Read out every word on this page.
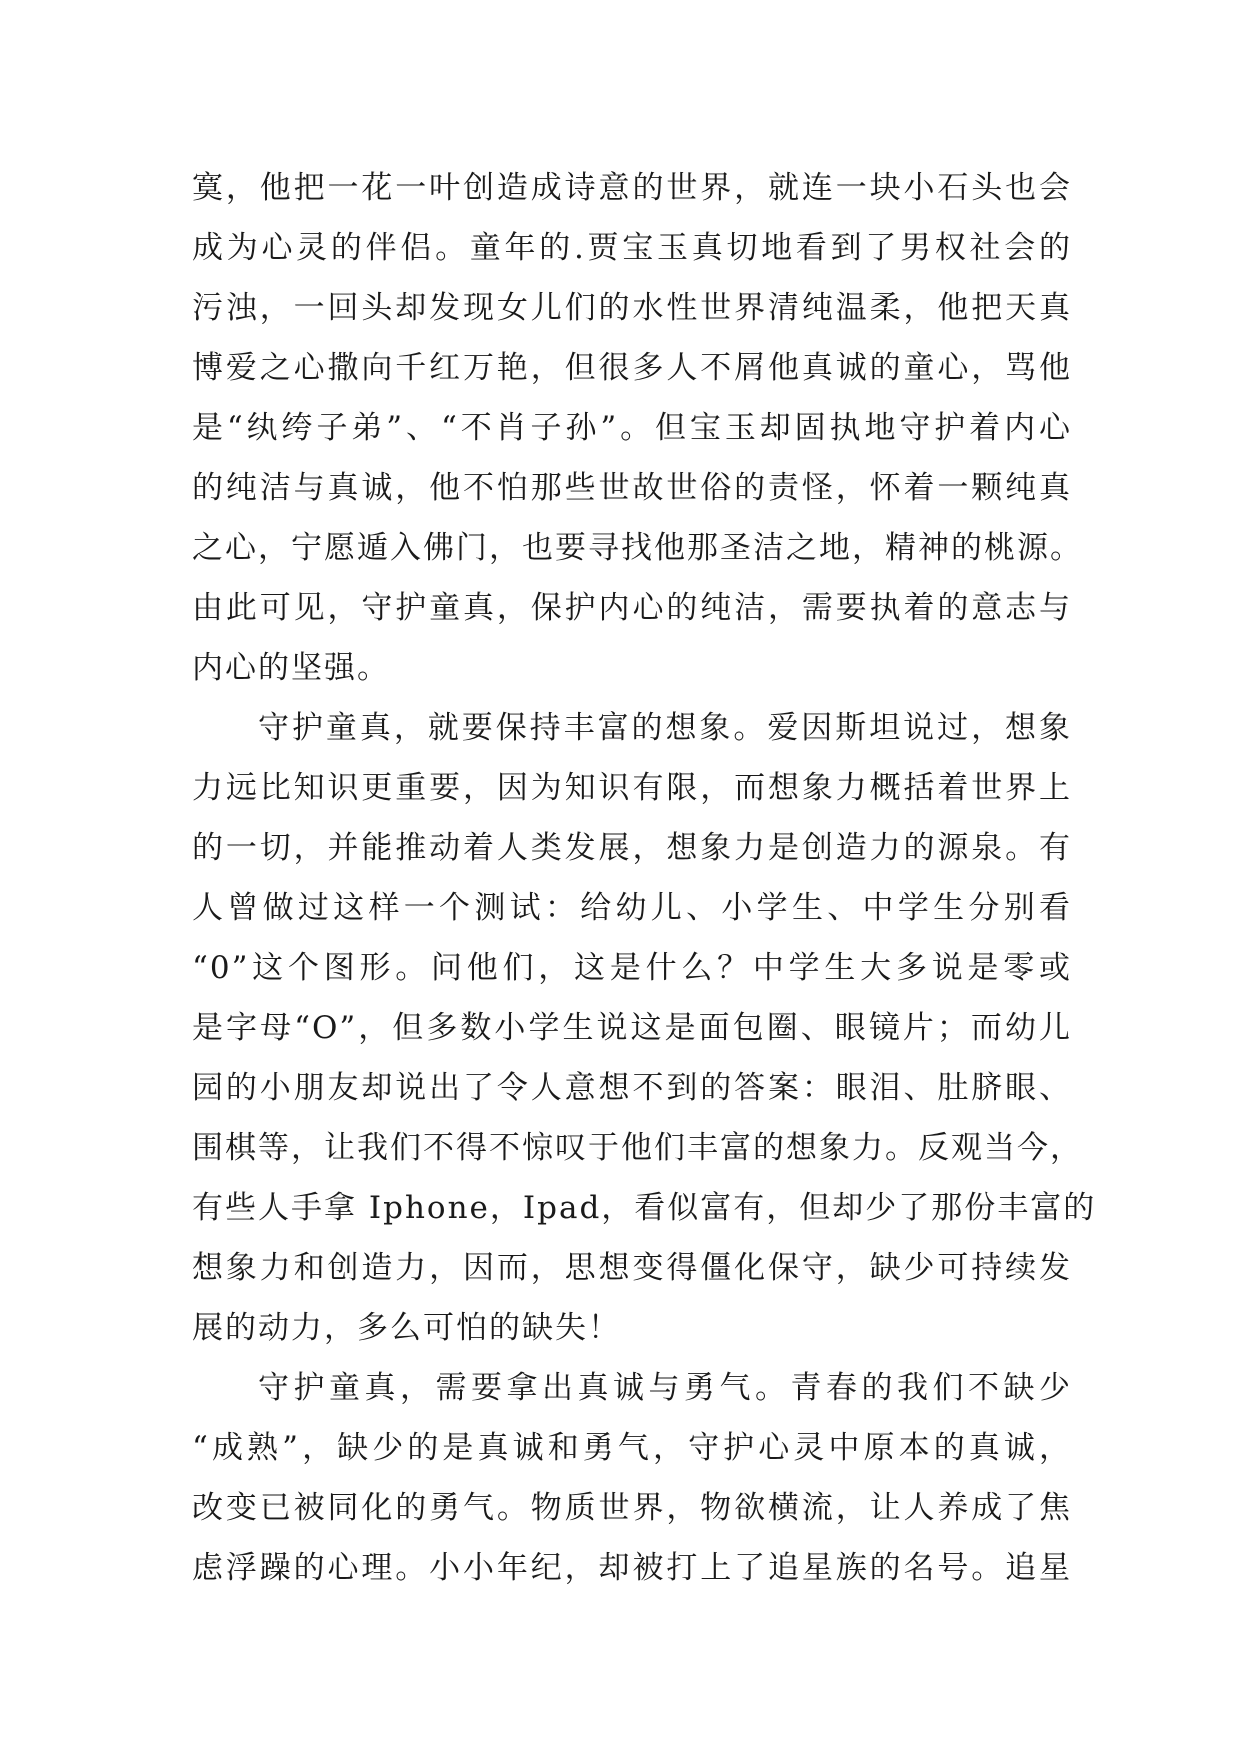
寞，他把一花一叶创造成诗意的世界，就连一块小石头也会
成为心灵的伴侣。童年的.贾宝玉真切地看到了男权社会的
污浊，一回头却发现女儿们的水性世界清纯温柔，他把天真
博爱之心撒向千红万艳，但很多人不屑他真诚的童心，骂他
是“纨绔子弟”、“不肖子孙”。但宝玉却固执地守护着内心
的纯洁与真诚，他不怕那些世故世俗的责怪，怀着一颗纯真
之心，宁愿遁入佛门，也要寻找他那圣洁之地，精神的桃源。
由此可见，守护童真，保护内心的纯洁，需要执着的意志与
内心的坚强。
守护童真，就要保持丰富的想象。爱因斯坦说过，想象
力远比知识更重要，因为知识有限，而想象力概括着世界上
的一切，并能推动着人类发展，想象力是创造力的源泉。有
人曾做过这样一个测试：给幼儿、小学生、中学生分别看
“0”这个图形。问他们，这是什么？中学生大多说是零或
是字母“O”，但多数小学生说这是面包圈、眼镜片；而幼儿
园的小朋友却说出了令人意想不到的答案：眼泪、肚脐眼、
围棋等，让我们不得不惊叹于他们丰富的想象力。反观当今，
有些人手拿 Iphone，Ipad，看似富有，但却少了那份丰富的
想象力和创造力，因而，思想变得僵化保守，缺少可持续发
展的动力，多么可怕的缺失！
守护童真，需要拿出真诚与勇气。青春的我们不缺少
“成熟”，缺少的是真诚和勇气，守护心灵中原本的真诚，
改变已被同化的勇气。物质世界，物欲横流，让人养成了焦
虑浮躁的心理。小小年纪，却被打上了追星族的名号。追星
